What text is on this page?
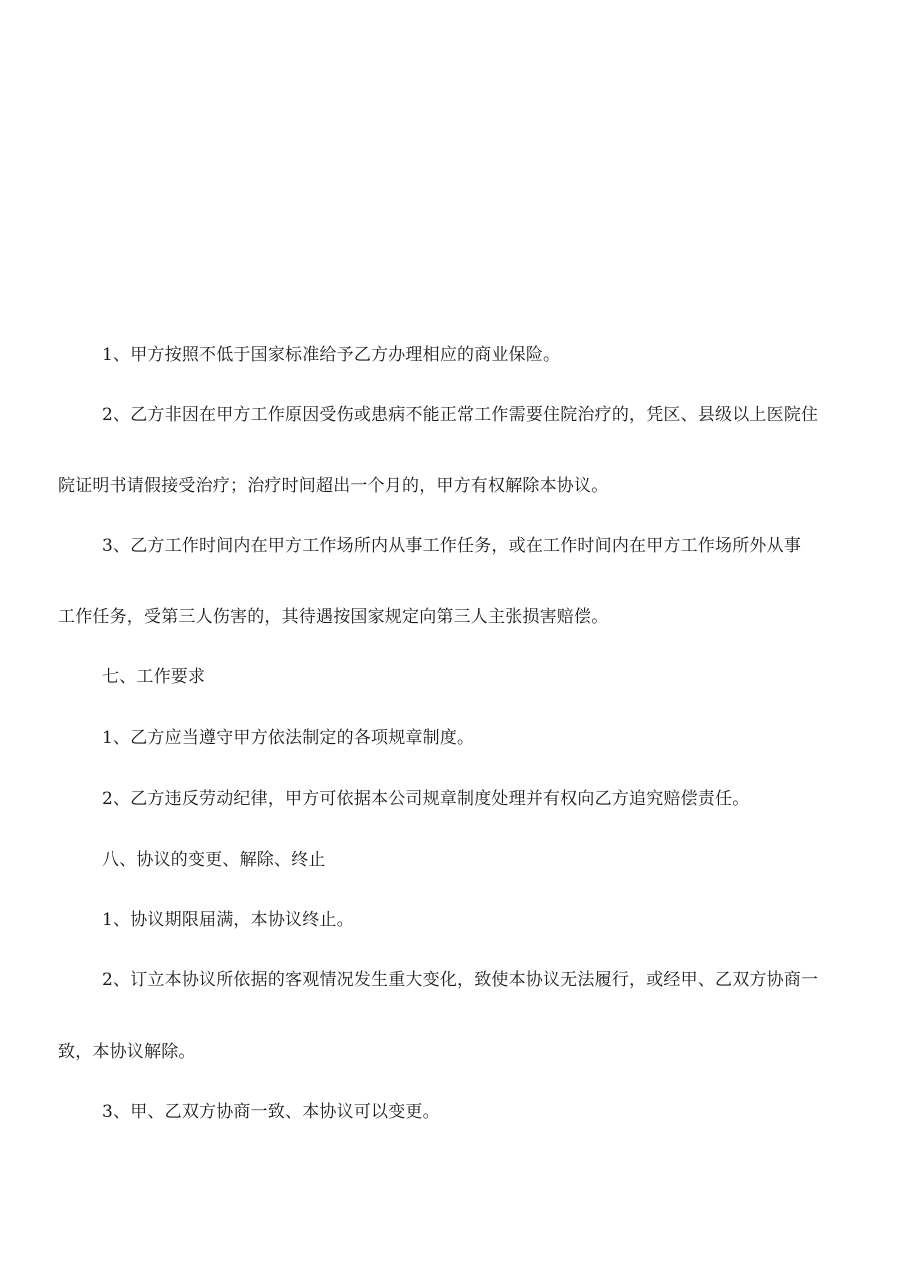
1、甲方按照不低于国家标准给予乙方办理相应的商业保险。
2、乙方非因在甲方工作原因受伤或患病不能正常工作需要住院治疗的，凭区、县级以上医院住
院证明书请假接受治疗；治疗时间超出一个月的，甲方有权解除本协议。
3、乙方工作时间内在甲方工作场所内从事工作任务，或在工作时间内在甲方工作场所外从事
工作任务，受第三人伤害的，其待遇按国家规定向第三人主张损害赔偿。
七、工作要求
1、乙方应当遵守甲方依法制定的各项规章制度。
2、乙方违反劳动纪律，甲方可依据本公司规章制度处理并有权向乙方追究赔偿责任。
八、协议的变更、解除、终止
1、协议期限届满，本协议终止。
2、订立本协议所依据的客观情况发生重大变化，致使本协议无法履行，或经甲、乙双方协商一
致，本协议解除。
3、甲、乙双方协商一致、本协议可以变更。
